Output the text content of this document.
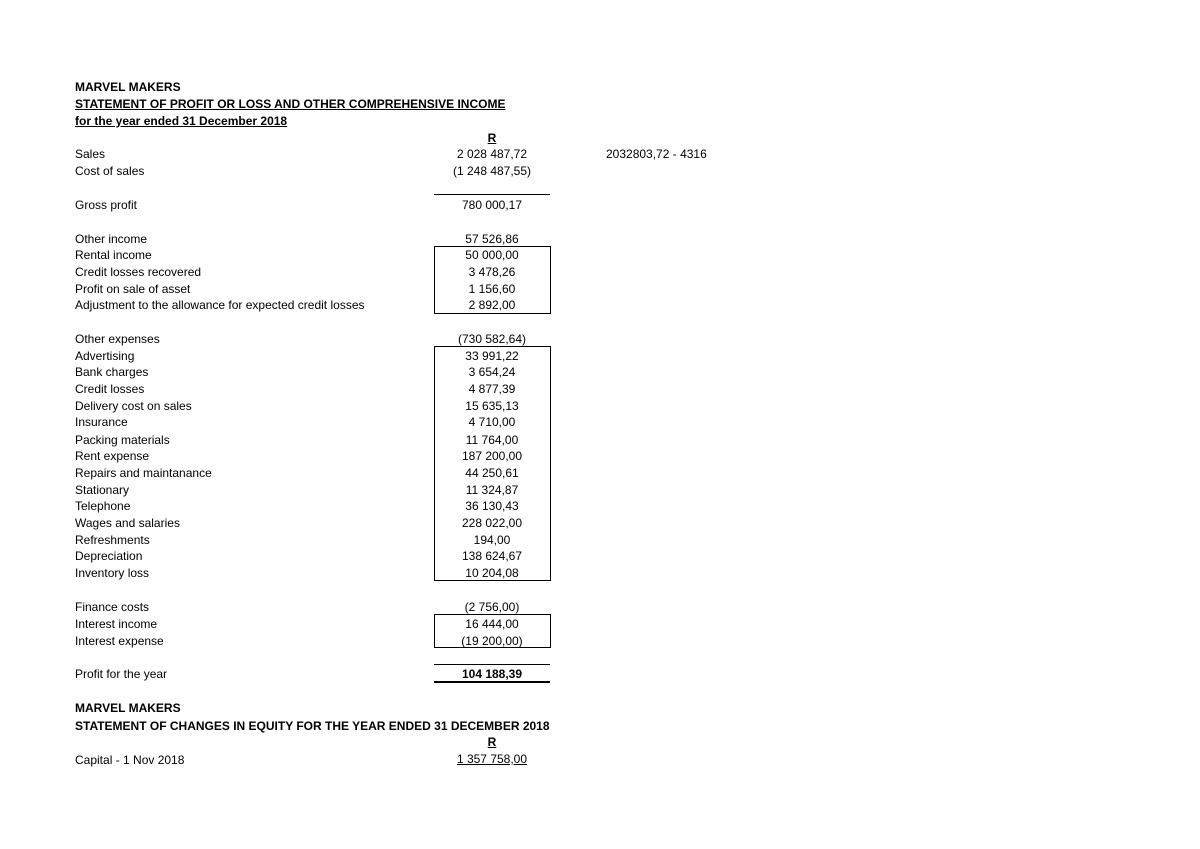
MARVEL MAKERS
STATEMENT OF PROFIT OR LOSS AND OTHER COMPREHENSIVE INCOME
for the year ended 31 December 2018
R
Sales	2 028 487,72	2032803,72 - 4316
Cost of sales	(1 248 487,55)
Gross profit	780 000,17
Other income	57 526,86
Rental income	50 000,00
Credit losses recovered	3 478,26
Profit on sale of asset	1 156,60
Adjustment to the allowance for expected credit losses	2 892,00
Other expenses	(730 582,64)
Advertising	33 991,22
Bank charges	3 654,24
Credit losses	4 877,39
Delivery cost on sales	15 635,13
Insurance	4 710,00
Packing materials	11 764,00
Rent expense	187 200,00
Repairs and maintanance	44 250,61
Stationary	11 324,87
Telephone	36 130,43
Wages and salaries	228 022,00
Refreshments	194,00
Depreciation	138 624,67
Inventory loss	10 204,08
Finance costs	(2 756,00)
Interest income	16 444,00
Interest expense	(19 200,00)
Profit for the year	104 188,39
MARVEL MAKERS
STATEMENT OF CHANGES IN EQUITY FOR THE YEAR ENDED 31 DECEMBER 2018
R
Capital - 1 Nov 2018	1 357 758,00
